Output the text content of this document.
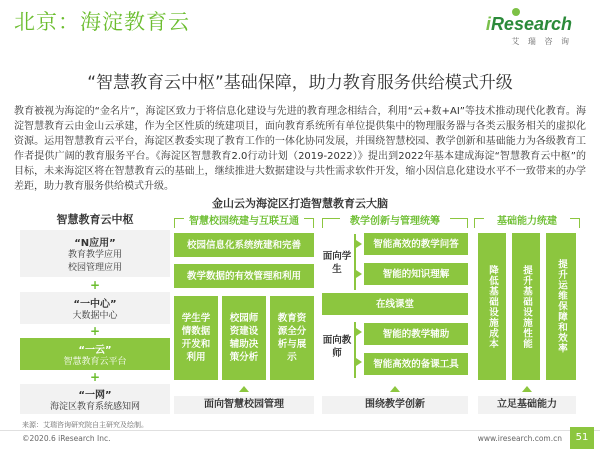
北京：海淀教育云	iResearch
艾 瑞 咨 询
“智慧教育云中枢”基础保障，助力教育服务供给模式升级
教育被视为海淀的“金名片”，海淀区致力于将信息化建设与先进的教育理念相结合，利用“云+数+AI”等技术推动现代化教育。海淀智慧教育云由金山云承建，作为全区性质的统建项目，面向教育系统所有单位提供集中的物理服务器与各类云服务相关的虚拟化资源。运用智慧教育云平台，海淀区教委实现了教育工作的一体化协同发展，并围绕智慧校园、教学创新和基础能力为各级教育工作者提供广阔的教育服务平台。《海淀区智慧教育2.0行动计划（2019-2022）》提出到2022年基本建成海淀“智慧教育云中枢”的目标，未来海淀区将在智慧教育云的基础上，继续推进大数据建设与共性需求软件开发，缩小因信息化建设水平不一致带来的办学差距，助力教育服务供给模式升级。
金山云为海淀区打造智慧教育云大脑
智慧教育云中枢
“N应用”
教育教学应用
校园管理应用
+
“一中心”
大数据中心
+
“一云”
智慧教育云平台
+
“一网”
海淀区教育系统感知网
智慧校园统建与互联互通	教学创新与管理统筹	基础能力统建
校园信息化系统统建和完善
教学数据的有效管理和利用
学生学情数据开发和利用
校园师资建设辅助决策分析
教育资源全分析与展示
面向学生
面向教师
智能高效的教学问答
智能的知识理解
在线课堂
智能的教学辅助
智能高效的备课工具
降低基础设施成本 提升基础设施性能	提升运维保障和效率
面向智慧校园管理	围绕教学创新	立足基础能力
来源：艾瑞咨询研究院自主研究及绘制。
©2020.6 iResearch Inc.	www.iresearch.com.cn	51
